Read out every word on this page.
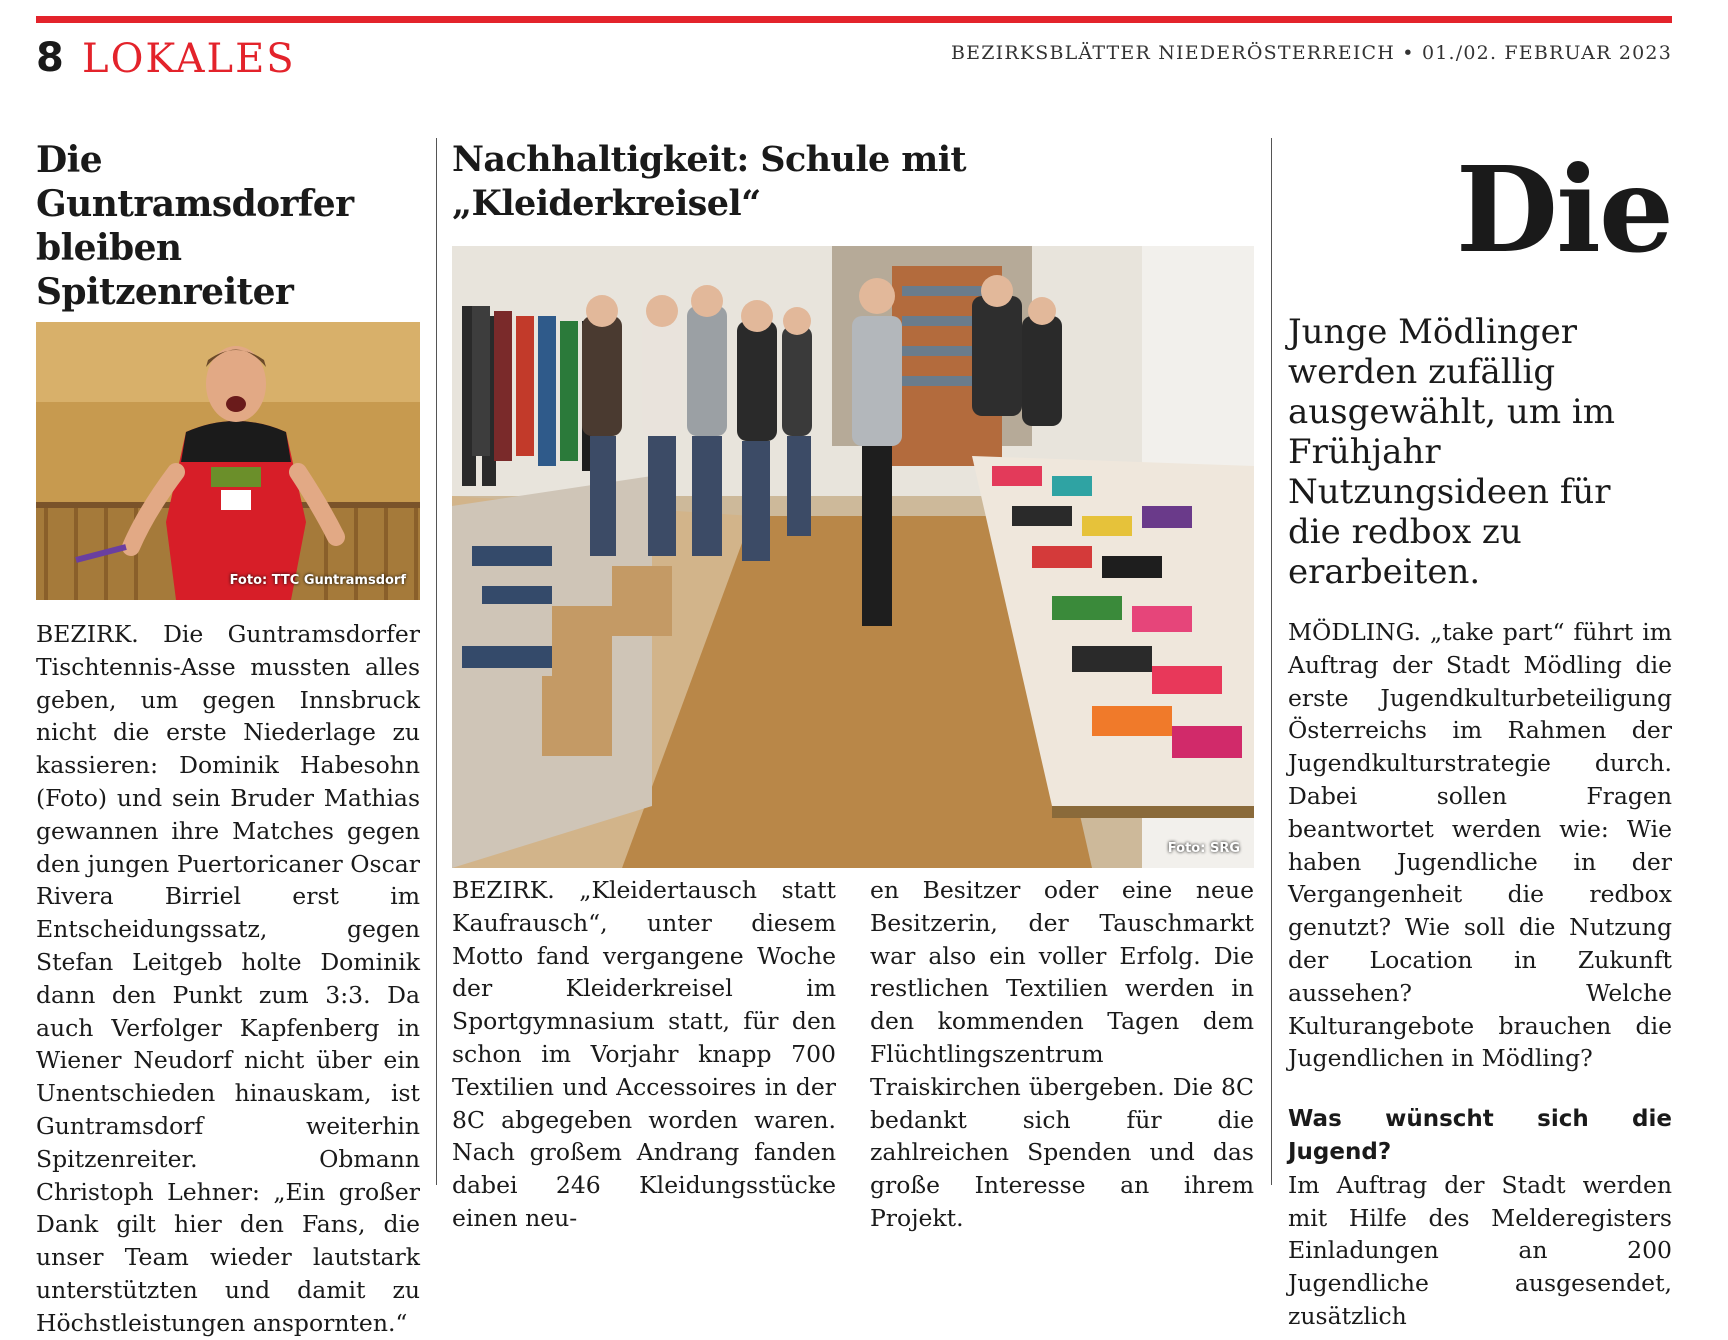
8 LOKALES	BEZIRKSBLÄTTER NIEDERÖSTERREICH • 01./02. FEBRUAR 2023
Die Guntramsdorfer bleiben Spitzenreiter
Foto: TTC Guntramsdorf

BEZIRK. Die Guntramsdorfer Tischtennis-Asse mussten alles geben, um gegen Innsbruck nicht die erste Niederlage zu kassieren: Dominik Habesohn (Foto) und sein Bruder Mathias gewannen ihre Matches gegen den jungen Puertoricaner Oscar Rivera Birriel erst im Entscheidungssatz, gegen Stefan Leitgeb holte Dominik dann den Punkt zum 3:3. Da auch Verfolger Kapfenberg in Wiener Neudorf nicht über ein Unentschieden hinauskam, ist Guntramsdorf weiterhin Spitzenreiter. Obmann Christoph Lehner: „Ein großer Dank gilt hier den Fans, die unser Team wieder lautstark unterstützten und damit zu Höchstleistungen anspornten.“

Nachhaltigkeit: Schule mit „Kleiderkreisel“
Foto: SRG

BEZIRK. „Kleidertausch statt Kaufrausch“, unter diesem Motto fand vergangene Woche der Kleiderkreisel im Sportgymnasium statt, für den schon im Vorjahr knapp 700 Textilien und Accessoires in der 8C abgegeben worden waren. Nach großem Andrang fanden dabei 246 Kleidungsstücke einen neu-

en Besitzer oder eine neue Besitzerin, der Tauschmarkt war also ein voller Erfolg. Die restlichen Textilien werden in den kommenden Tagen dem Flüchtlingszentrum Traiskirchen übergeben. Die 8C bedankt sich für die zahlreichen Spenden und das große Interesse an ihrem Projekt.

Die

Junge Mödlinger werden zufällig ausgewählt, um im Frühjahr Nutzungsideen für die redbox zu erarbeiten.

MÖDLING. „take part“ führt im Auftrag der Stadt Mödling die erste Jugendkulturbeteiligung Österreichs im Rahmen der Jugendkulturstrategie durch. Dabei sollen Fragen beantwortet werden wie: Wie haben Jugendliche in der Vergangenheit die redbox genutzt? Wie soll die Nutzung der Location in Zukunft aussehen? Welche Kulturangebote brauchen die Jugendlichen in Mödling?

Was wünscht sich die Jugend?

Im Auftrag der Stadt werden mit Hilfe des Melderegisters Einladungen an 200 Jugendliche ausgesendet, zusätzlich
